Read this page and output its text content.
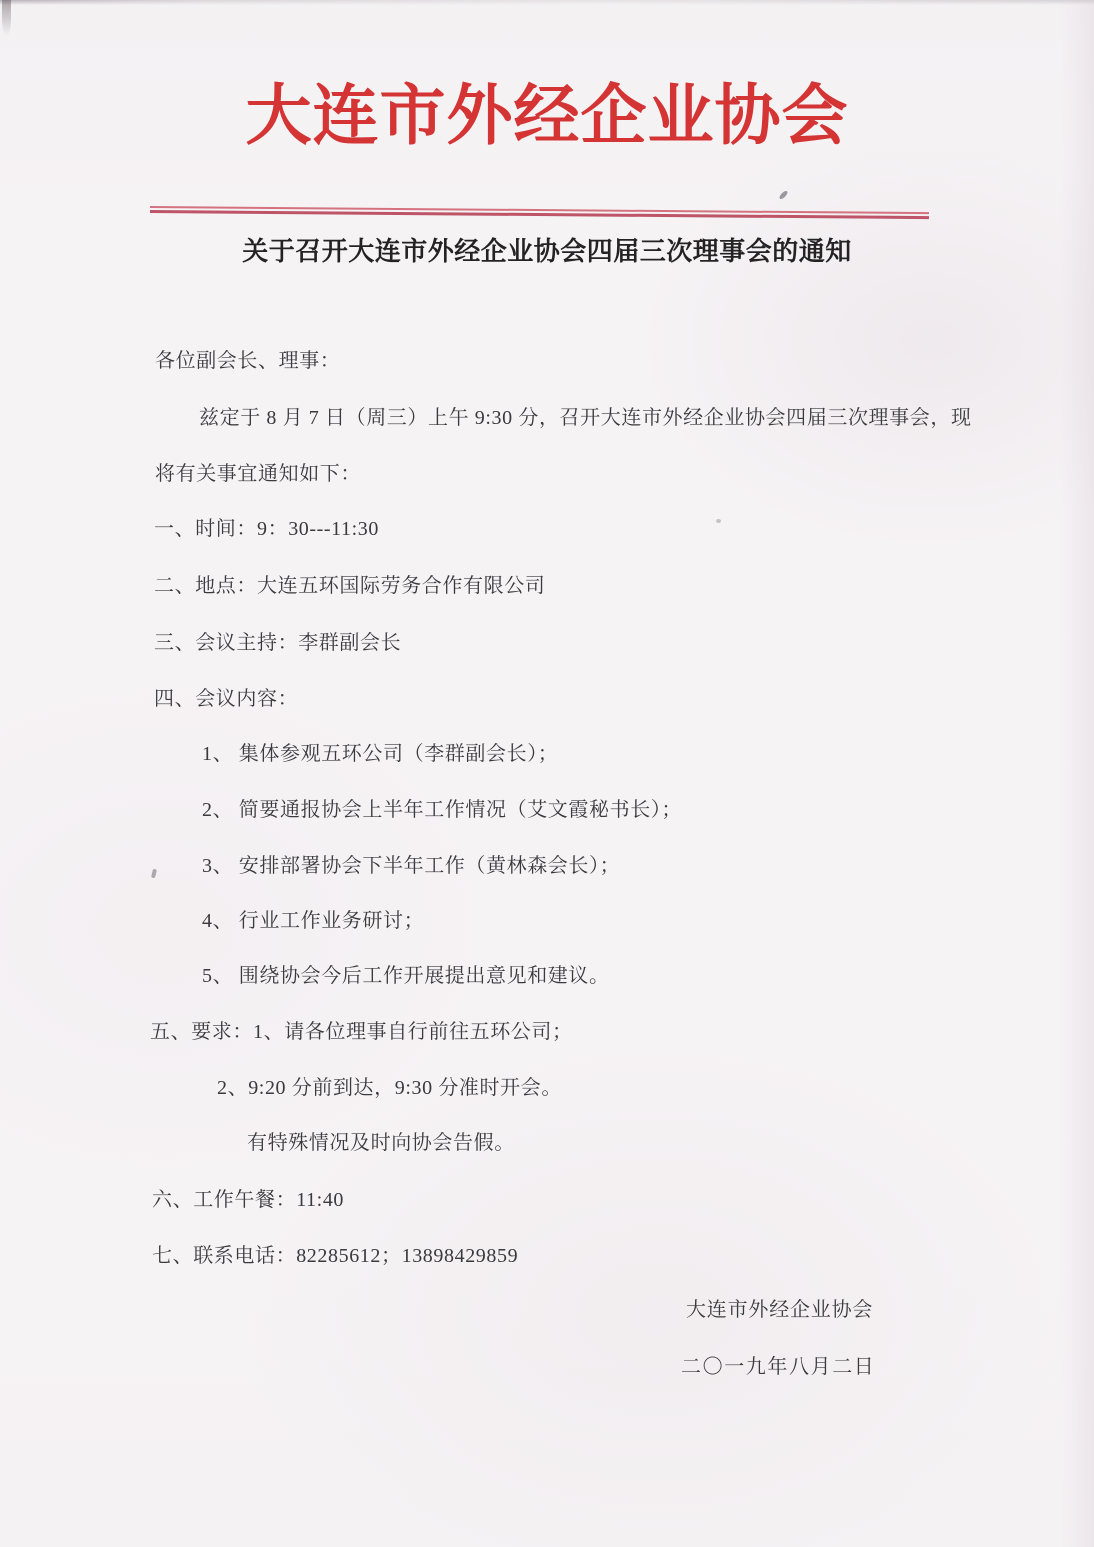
大连市外经企业协会
关于召开大连市外经企业协会四届三次理事会的通知
各位副会长、理事：
兹定于 8 月 7 日（周三）上午 9:30 分，召开大连市外经企业协会四届三次理事会，现
将有关事宜通知如下：
一、时间：9：30---11:30
二、地点：大连五环国际劳务合作有限公司
三、会议主持：李群副会长
四、会议内容：
1、 集体参观五环公司（李群副会长）；
2、 简要通报协会上半年工作情况（艾文霞秘书长）；
3、 安排部署协会下半年工作（黄林森会长）；
4、 行业工作业务研讨；
5、 围绕协会今后工作开展提出意见和建议。
五、要求：1、请各位理事自行前往五环公司；
2、9:20 分前到达，9:30 分准时开会。
有特殊情况及时向协会告假。
六、工作午餐：11:40
七、联系电话：82285612；13898429859
大连市外经企业协会
二〇一九年八月二日
